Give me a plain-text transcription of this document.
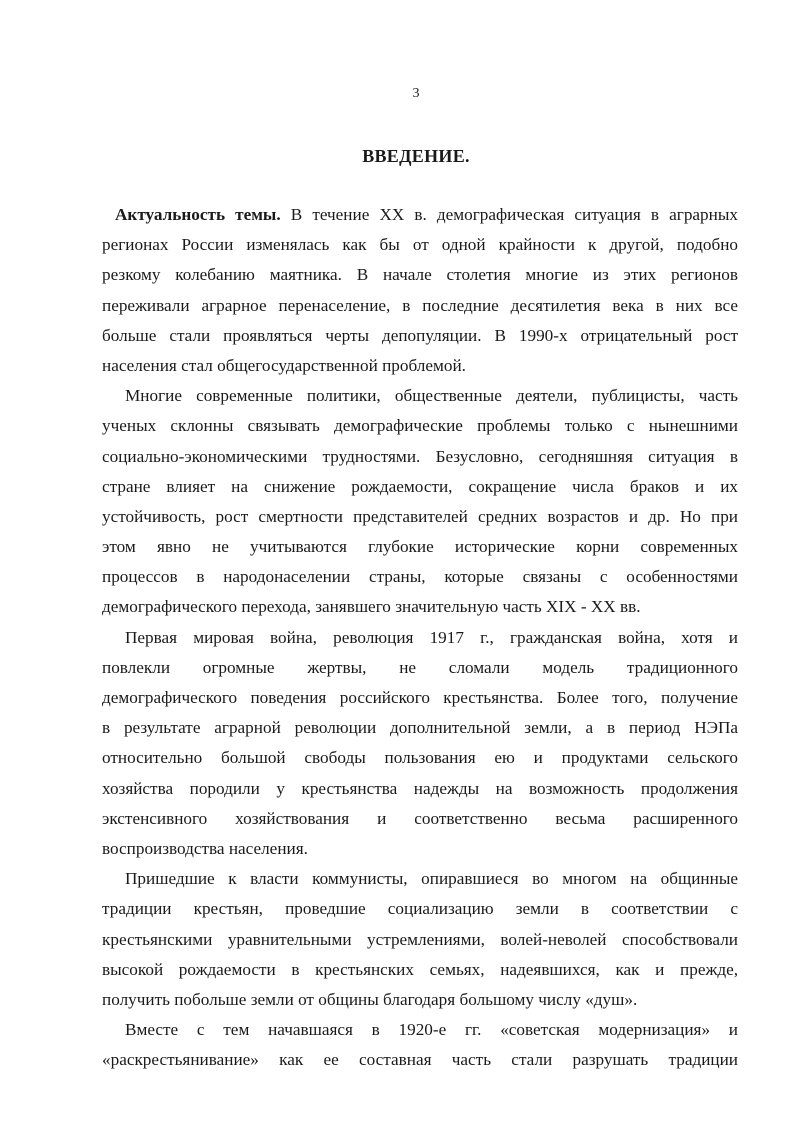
3
ВВЕДЕНИЕ.
Актуальность темы. В течение XX в. демографическая ситуация в аграрных
регионах России изменялась как бы от одной крайности к другой, подобно
резкому колебанию маятника. В начале столетия многие из этих регионов
переживали аграрное перенаселение, в последние десятилетия века в них все
больше стали проявляться черты депопуляции. В 1990-х отрицательный рост
населения стал общегосударственной проблемой.
Многие современные политики, общественные деятели, публицисты, часть
ученых склонны связывать демографические проблемы только с нынешними
социально-экономическими трудностями. Безусловно, сегодняшняя ситуация в
стране влияет на снижение рождаемости, сокращение числа браков и их
устойчивость, рост смертности представителей средних возрастов и др. Но при
этом явно не учитываются глубокие исторические корни современных
процессов в народонаселении страны, которые связаны с особенностями
демографического перехода, занявшего значительную часть XIX - XX вв.
Первая мировая война, революция 1917 г., гражданская война, хотя и
повлекли огромные жертвы, не сломали модель традиционного
демографического поведения российского крестьянства. Более того, получение
в результате аграрной революции дополнительной земли, а в период НЭПа
относительно большой свободы пользования ею и продуктами сельского
хозяйства породили у крестьянства надежды на возможность продолжения
экстенсивного хозяйствования и соответственно весьма расширенного
воспроизводства населения.
Пришедшие к власти коммунисты, опиравшиеся во многом на общинные
традиции крестьян, проведшие социализацию земли в соответствии с
крестьянскими уравнительными устремлениями, волей-неволей способствовали
высокой рождаемости в крестьянских семьях, надеявшихся, как и прежде,
получить побольше земли от общины благодаря большому числу «душ».
Вместе с тем начавшаяся в 1920-е гг. «советская модернизация» и
«раскрестьянивание» как ее составная часть стали разрушать традиции
